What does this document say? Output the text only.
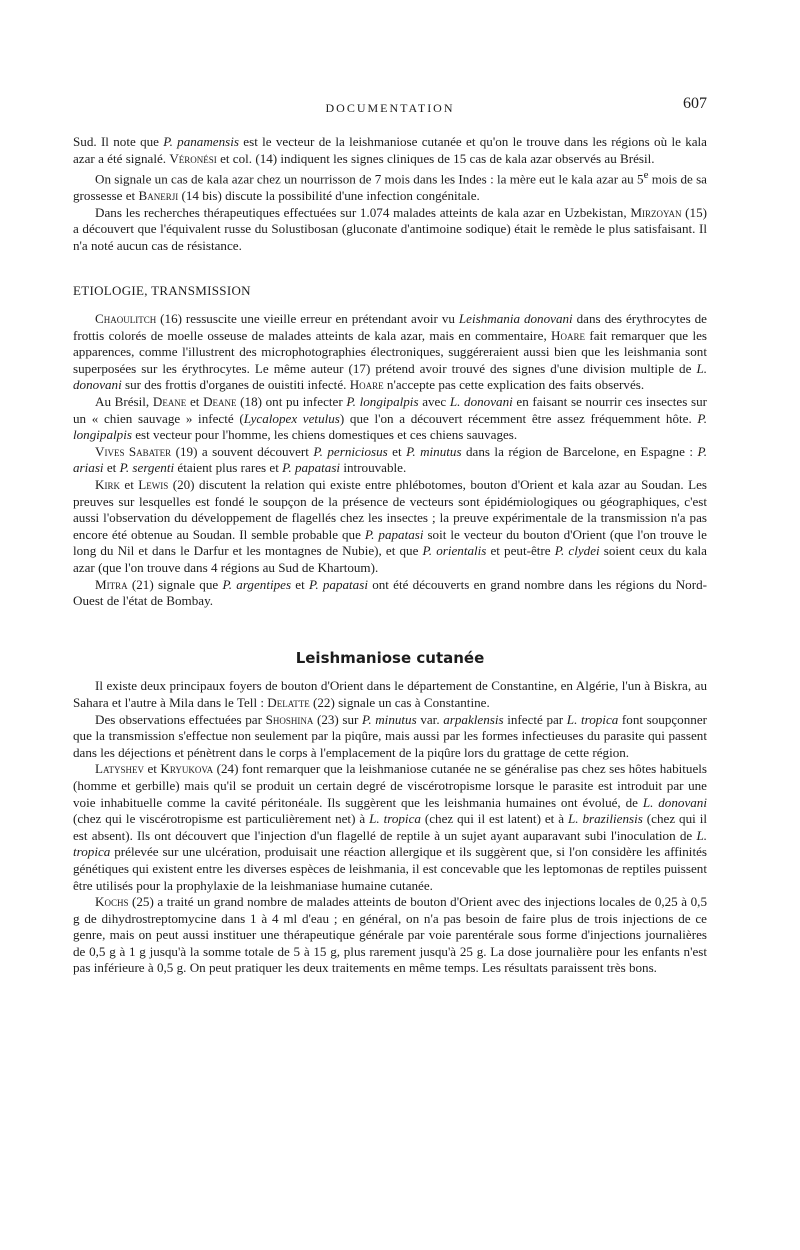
DOCUMENTATION	607

Sud. Il note que P. panamensis est le vecteur de la leishmaniose cutanée et qu'on le trouve dans les régions où le kala azar a été signalé. Véronési et col. (14) indiquent les signes cliniques de 15 cas de kala azar observés au Brésil.

On signale un cas de kala azar chez un nourrisson de 7 mois dans les Indes : la mère eut le kala azar au 5e mois de sa grossesse et Banerji (14 bis) discute la possibilité d'une infection congénitale.

Dans les recherches thérapeutiques effectuées sur 1.074 malades atteints de kala azar en Uzbekistan, Mirzoyan (15) a découvert que l'équivalent russe du Solustibosan (gluconate d'antimoine sodique) était le remède le plus satisfaisant. Il n'a noté aucun cas de résistance.

ETIOLOGIE, TRANSMISSION

Chaoulitch (16) ressuscite une vieille erreur en prétendant avoir vu Leishmania donovani dans des érythrocytes de frottis colorés de moelle osseuse de malades atteints de kala azar, mais en commentaire, Hoare fait remarquer que les apparences, comme l'illustrent des microphotographies électroniques, suggéreraient aussi bien que les leishmania sont superposées sur les érythrocytes. Le même auteur (17) prétend avoir trouvé des signes d'une division multiple de L. donovani sur des frottis d'organes de ouistiti infecté. Hoare n'accepte pas cette explication des faits observés.

Au Brésil, Deane et Deane (18) ont pu infecter P. longipalpis avec L. donovani en faisant se nourrir ces insectes sur un « chien sauvage » infecté (Lycalopex vetulus) que l'on a découvert récemment être assez fréquemment hôte. P. longipalpis est vecteur pour l'homme, les chiens domestiques et ces chiens sauvages.

Vives Sabater (19) a souvent découvert P. perniciosus et P. minutus dans la région de Barcelone, en Espagne : P. ariasi et P. sergenti étaient plus rares et P. papatasi introuvable.

Kirk et Lewis (20) discutent la relation qui existe entre phlébotomes, bouton d'Orient et kala azar au Soudan. Les preuves sur lesquelles est fondé le soupçon de la présence de vecteurs sont épidémiologiques ou géographiques, c'est aussi l'observation du développement de flagellés chez les insectes ; la preuve expérimentale de la transmission n'a pas encore été obtenue au Soudan. Il semble probable que P. papatasi soit le vecteur du bouton d'Orient (que l'on trouve le long du Nil et dans le Darfur et les montagnes de Nubie), et que P. orientalis et peut-être P. clydei soient ceux du kala azar (que l'on trouve dans 4 régions au Sud de Khartoum).

Mitra (21) signale que P. argentipes et P. papatasi ont été découverts en grand nombre dans les régions du Nord-Ouest de l'état de Bombay.

Leishmaniose cutanée

Il existe deux principaux foyers de bouton d'Orient dans le département de Constantine, en Algérie, l'un à Biskra, au Sahara et l'autre à Mila dans le Tell : Delatte (22) signale un cas à Constantine.

Des observations effectuées par Shoshina (23) sur P. minutus var. arpaklensis infecté par L. tropica font soupçonner que la transmission s'effectue non seulement par la piqûre, mais aussi par les formes infectieuses du parasite qui passent dans les déjections et pénètrent dans le corps à l'emplacement de la piqûre lors du grattage de cette région.

Latyshev et Kryukova (24) font remarquer que la leishmaniose cutanée ne se généralise pas chez ses hôtes habituels (homme et gerbille) mais qu'il se produit un certain degré de viscérotropisme lorsque le parasite est introduit par une voie inhabituelle comme la cavité péritonéale. Ils suggèrent que les leishmania humaines ont évolué, de L. donovani (chez qui le viscérotropisme est particulièrement net) à L. tropica (chez qui il est latent) et à L. braziliensis (chez qui il est absent). Ils ont découvert que l'injection d'un flagellé de reptile à un sujet ayant auparavant subi l'inoculation de L. tropica prélevée sur une ulcération, produisait une réaction allergique et ils suggèrent que, si l'on considère les affinités génétiques qui existent entre les diverses espèces de leishmania, il est concevable que les leptomonas de reptiles puissent être utilisés pour la prophylaxie de la leishmaniase humaine cutanée.

Kochs (25) a traité un grand nombre de malades atteints de bouton d'Orient avec des injections locales de 0,25 à 0,5 g de dihydrostreptomycine dans 1 à 4 ml d'eau ; en général, on n'a pas besoin de faire plus de trois injections de ce genre, mais on peut aussi instituer une thérapeutique générale par voie parentérale sous forme d'injections journalières de 0,5 g à 1 g jusqu'à la somme totale de 5 à 15 g, plus rarement jusqu'à 25 g. La dose journalière pour les enfants n'est pas inférieure à 0,5 g. On peut pratiquer les deux traitements en même temps. Les résultats paraissent très bons.
